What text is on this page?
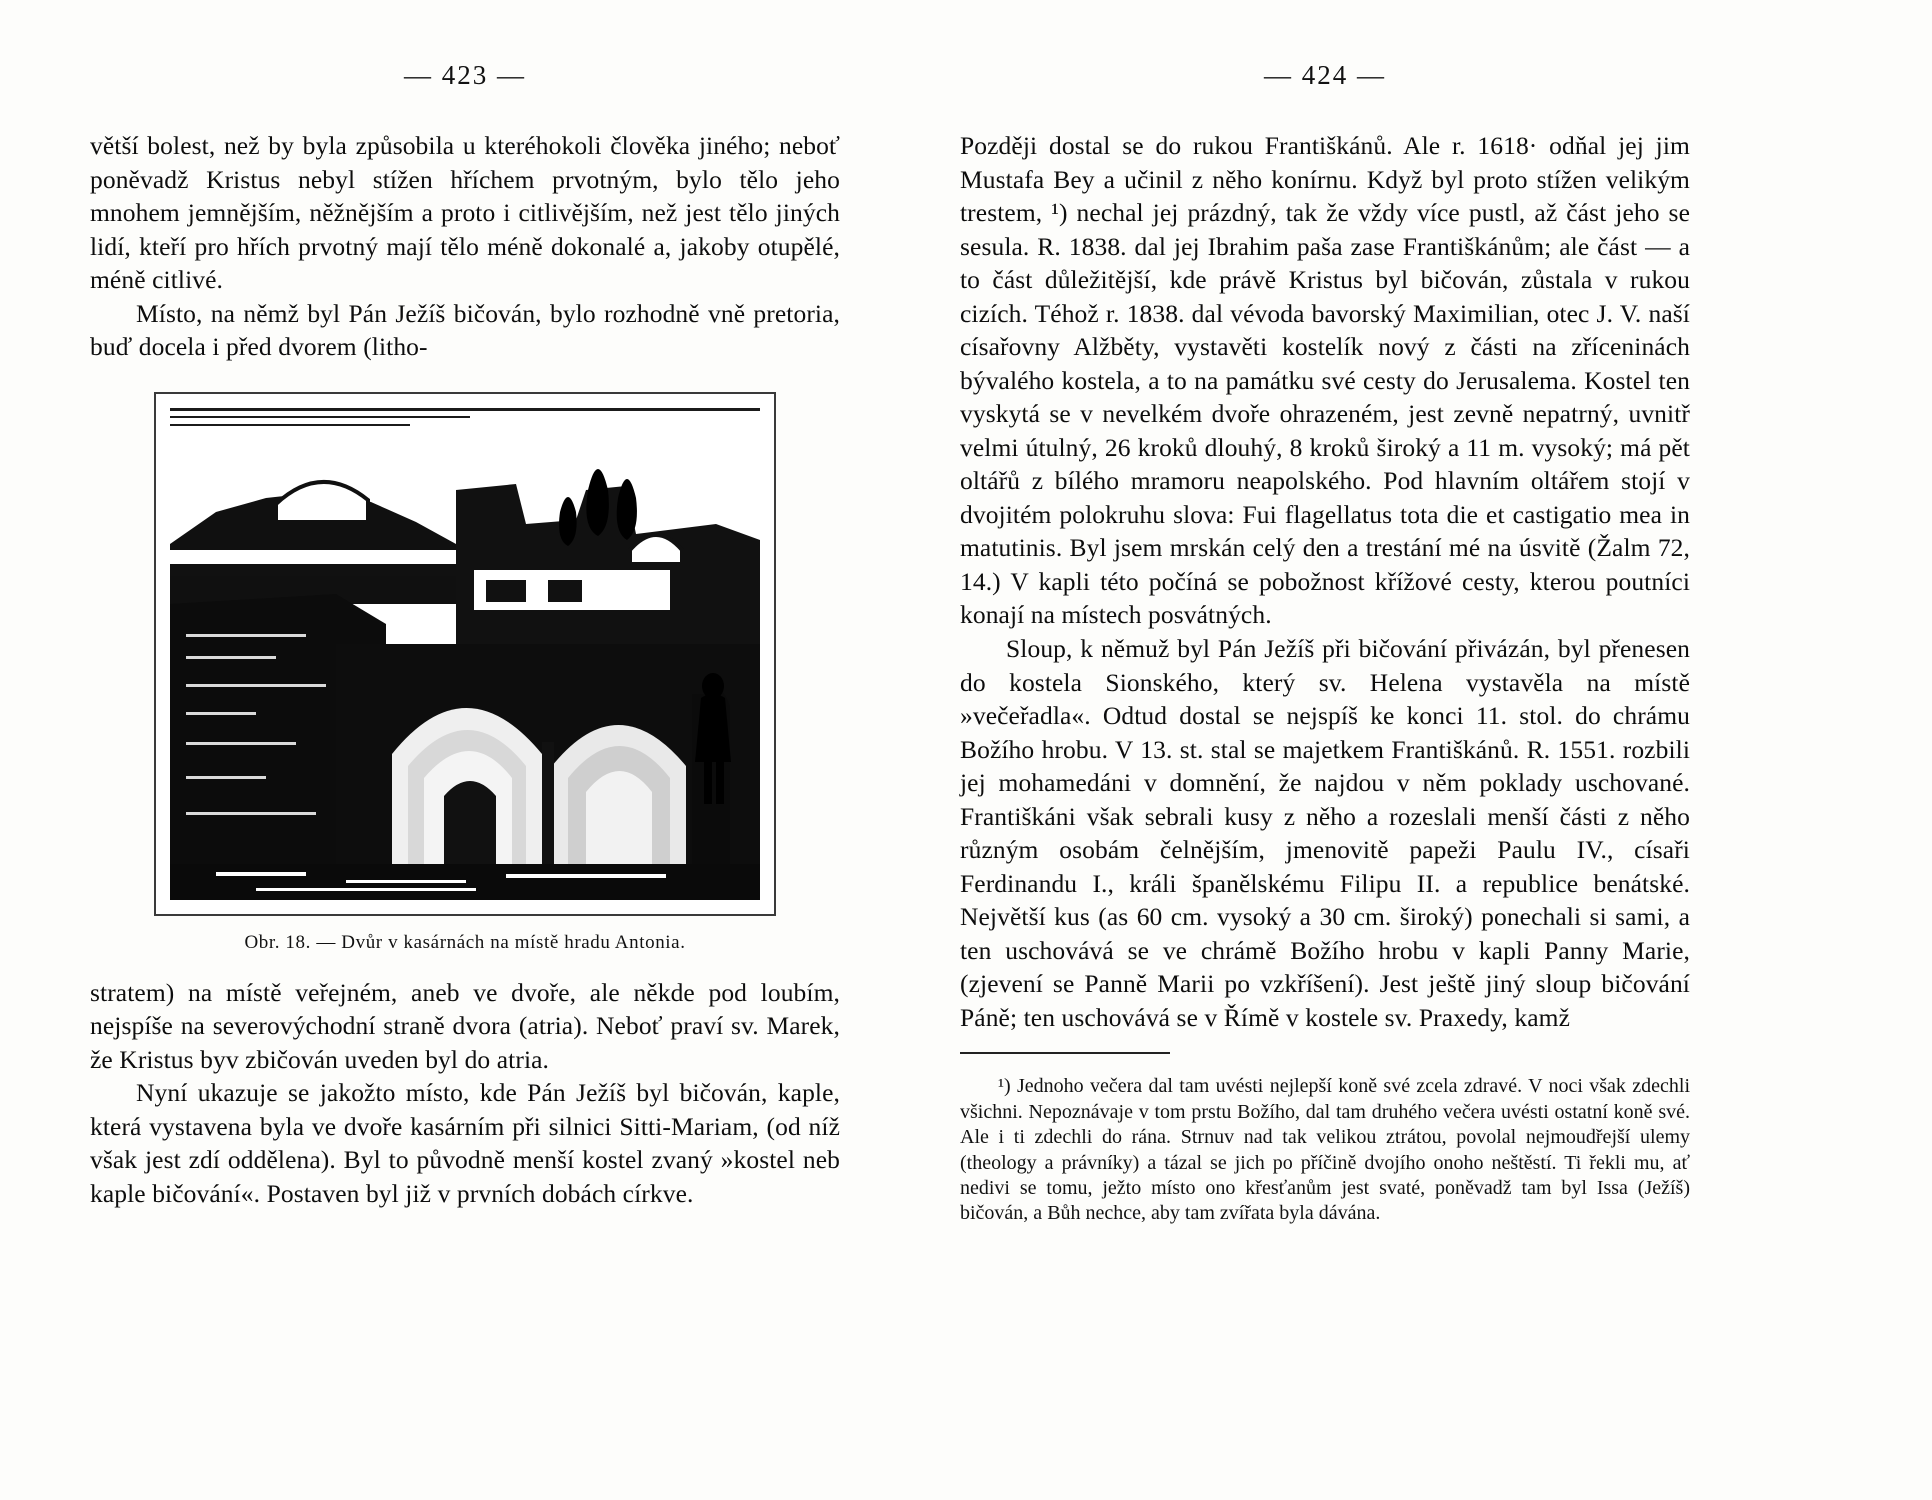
— 423 —

větší bolest, než by byla způsobila u kteréhokoli člověka jiného; neboť poněvadž Kristus nebyl stížen hříchem prvotným, bylo tělo jeho mnohem jemnějším, něžnějším a proto i citlivějším, než jest tělo jiných lidí, kteří pro hřích prvotný mají tělo méně dokonalé a, jakoby otupělé, méně citlivé.

Místo, na němž byl Pán Ježíš bičován, bylo rozhodně vně pretoria, buď docela i před dvorem (litho-

Obr. 18. — Dvůr v kasárnách na místě hradu Antonia.

stratem) na místě veřejném, aneb ve dvoře, ale někde pod loubím, nejspíše na severovýchodní straně dvora (atria). Neboť praví sv. Marek, že Kristus byv zbičován uveden byl do atria.

Nyní ukazuje se jakožto místo, kde Pán Ježíš byl bičován, kaple, která vystavena byla ve dvoře kasárním při silnici Sitti-Mariam, (od níž však jest zdí oddělena). Byl to původně menší kostel zvaný »kostel neb kaple bičování«. Postaven byl již v prvních dobách církve.

— 424 —

Později dostal se do rukou Františkánů. Ale r. 1618· odňal jej jim Mustafa Bey a učinil z něho konírnu. Když byl proto stížen velikým trestem, ¹) nechal jej prázdný, tak že vždy více pustl, až část jeho se sesula. R. 1838. dal jej Ibrahim paša zase Františkánům; ale část — a to část důležitější, kde právě Kristus byl bičován, zůstala v rukou cizích. Téhož r. 1838. dal vévoda bavorský Maximilian, otec J. V. naší císařovny Alžběty, vystavěti kostelík nový z části na zříceninách bývalého kostela, a to na památku své cesty do Jerusalema. Kostel ten vyskytá se v nevelkém dvoře ohrazeném, jest zevně nepatrný, uvnitř velmi útulný, 26 kroků dlouhý, 8 kroků široký a 11 m. vysoký; má pět oltářů z bílého mramoru neapolského. Pod hlavním oltářem stojí v dvojitém polokruhu slova: Fui flagellatus tota die et castigatio mea in matutinis. Byl jsem mrskán celý den a trestání mé na úsvitě (Žalm 72, 14.) V kapli této počíná se pobožnost křížové cesty, kterou poutníci konají na místech posvátných.

Sloup, k němuž byl Pán Ježíš při bičování přivázán, byl přenesen do kostela Sionského, který sv. Helena vystavěla na místě »večeřadla«. Odtud dostal se nejspíš ke konci 11. stol. do chrámu Božího hrobu. V 13. st. stal se majetkem Františkánů. R. 1551. rozbili jej mohamedáni v domnění, že najdou v něm poklady uschované. Františkáni však sebrali kusy z něho a rozeslali menší části z něho různým osobám čelnějším, jmenovitě papeži Paulu IV., císaři Ferdinandu I., králi španělskému Filipu II. a republice benátské. Největší kus (as 60 cm. vysoký a 30 cm. široký) ponechali si sami, a ten uschovává se ve chrámě Božího hrobu v kapli Panny Marie, (zjevení se Panně Marii po vzkříšení). Jest ještě jiný sloup bičování Páně; ten uschovává se v Římě v kostele sv. Praxedy, kamž

¹) Jednoho večera dal tam uvésti nejlepší koně své zcela zdravé. V noci však zdechli všichni. Nepoznávaje v tom prstu Božího, dal tam druhého večera uvésti ostatní koně své. Ale i ti zdechli do rána. Strnuv nad tak velikou ztrátou, povolal nejmoudřejší ulemy (theology a právníky) a tázal se jich po příčině dvojího onoho neštěstí. Ti řekli mu, ať nedivi se tomu, ježto místo ono křesťanům jest svaté, poněvadž tam byl Issa (Ježíš) bičován, a Bůh nechce, aby tam zvířata byla dávána.
